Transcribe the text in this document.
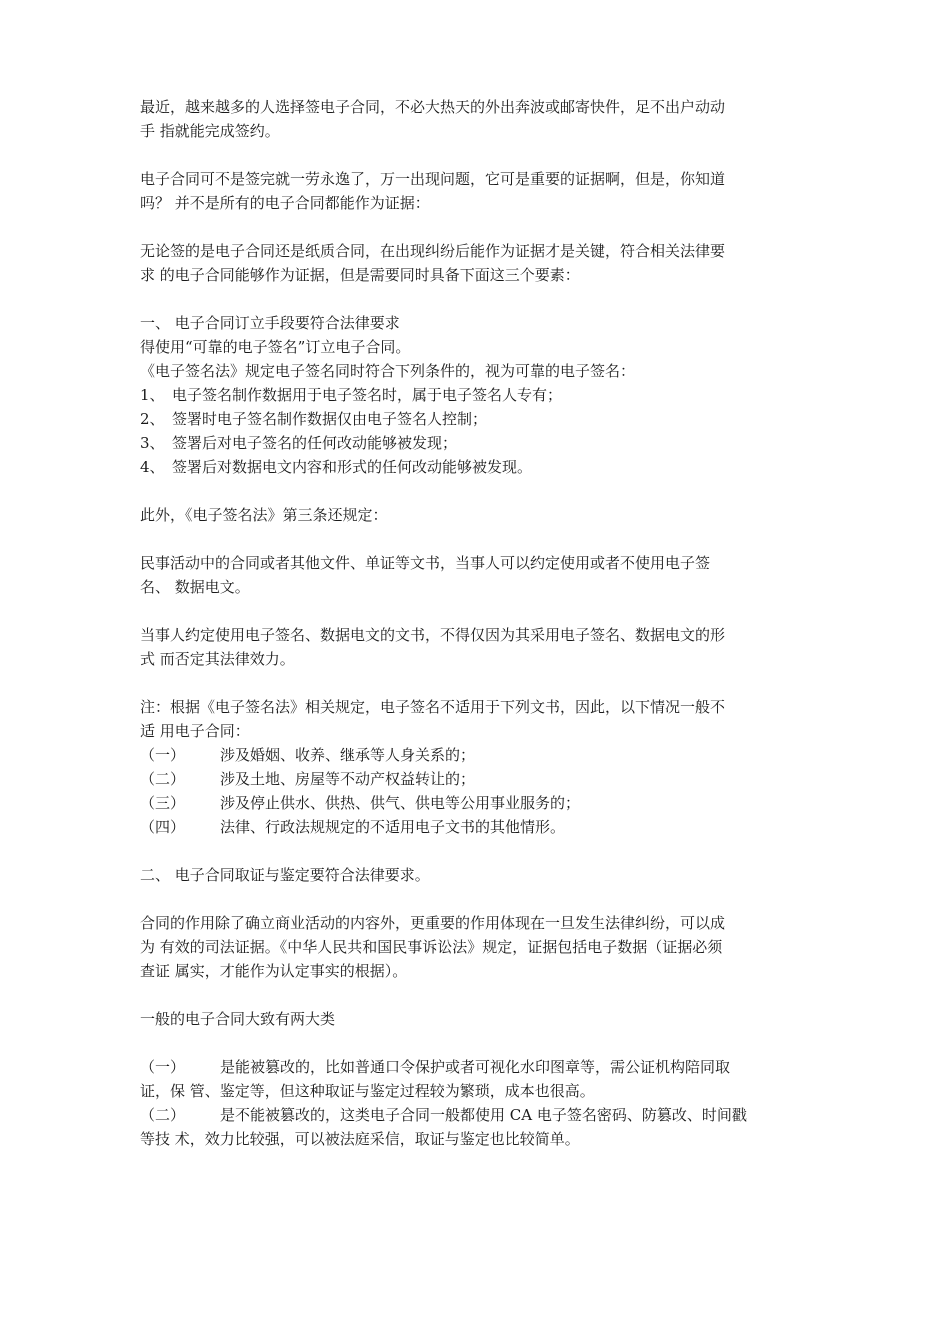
最近，越来越多的人选择签电子合同，不必大热天的外出奔波或邮寄快件，足不出户动动
手 指就能完成签约。

电子合同可不是签完就一劳永逸了，万一出现问题，它可是重要的证据啊，但是，你知道
吗？ 并不是所有的电子合同都能作为证据：

无论签的是电子合同还是纸质合同，在出现纠纷后能作为证据才是关键，符合相关法律要
求 的电子合同能够作为证据，但是需要同时具备下面这三个要素：

一、 电子合同订立手段要符合法律要求
得使用“可靠的电子签名”订立电子合同。
《电子签名法》规定电子签名同时符合下列条件的，视为可靠的电子签名：
1、 电子签名制作数据用于电子签名时，属于电子签名人专有；
2、 签署时电子签名制作数据仅由电子签名人控制；
3、 签署后对电子签名的任何改动能够被发现；
4、 签署后对数据电文内容和形式的任何改动能够被发现。

此外，《电子签名法》第三条还规定：

民事活动中的合同或者其他文件、单证等文书，当事人可以约定使用或者不使用电子签
名、 数据电文。

当事人约定使用电子签名、数据电文的文书，不得仅因为其采用电子签名、数据电文的形
式 而否定其法律效力。

注：根据《电子签名法》相关规定，电子签名不适用于下列文书，因此，以下情况一般不
适 用电子合同：
（一）	涉及婚姻、收养、继承等人身关系的；
（二）	涉及土地、房屋等不动产权益转让的；
（三）	涉及停止供水、供热、供气、供电等公用事业服务的；
（四）	法律、行政法规规定的不适用电子文书的其他情形。

二、 电子合同取证与鉴定要符合法律要求。

合同的作用除了确立商业活动的内容外，更重要的作用体现在一旦发生法律纠纷，可以成
为 有效的司法证据。《中华人民共和国民事诉讼法》规定，证据包括电子数据（证据必须
查证 属实，才能作为认定事实的根据）。

一般的电子合同大致有两大类

（一）	是能被篡改的，比如普通口令保护或者可视化水印图章等，需公证机构陪同取
证，保 管、鉴定等，但这种取证与鉴定过程较为繁琐，成本也很高。
（二）	是不能被篡改的，这类电子合同一般都使用 CA 电子签名密码、防篡改、时间戳
等技 术，效力比较强，可以被法庭采信，取证与鉴定也比较简单。
